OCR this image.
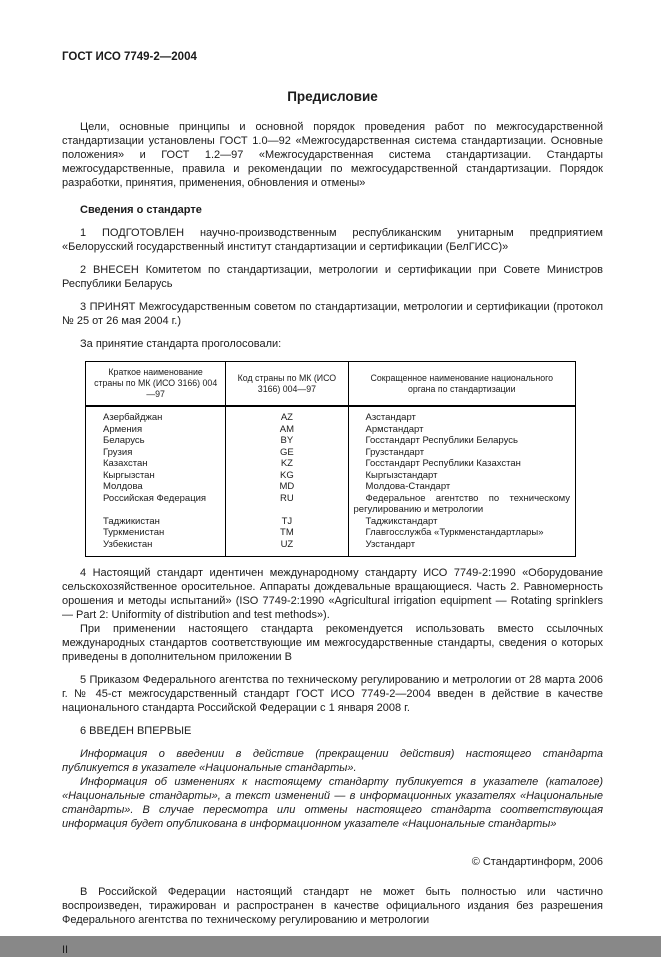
ГОСТ ИСО 7749-2—2004

Предисловие

Цели, основные принципы и основной порядок проведения работ по межгосударственной стандартизации установлены ГОСТ 1.0—92 «Межгосударственная система стандартизации. Основные положения» и ГОСТ 1.2—97 «Межгосударственная система стандартизации. Стандарты межгосударственные, правила и рекомендации по межгосударственной стандартизации. Порядок разработки, принятия, применения, обновления и отмены»

Сведения о стандарте

1 ПОДГОТОВЛЕН научно-производственным республиканским унитарным предприятием «Белорусский государственный институт стандартизации и сертификации (БелГИСС)»

2 ВНЕСЕН Комитетом по стандартизации, метрологии и сертификации при Совете Министров Республики Беларусь

3 ПРИНЯТ Межгосударственным советом по стандартизации, метрологии и сертификации (протокол № 25 от 26 мая 2004 г.)

За принятие стандарта проголосовали:

Краткое наименование страны по МК (ИСО 3166) 004—97	Код страны по МК (ИСО 3166) 004—97	Сокращенное наименование национального органа по стандартизации
Азербайджан	AZ	Азстандарт
Армения	AM	Армстандарт
Беларусь	BY	Госстандарт Республики Беларусь
Грузия	GE	Грузстандарт
Казахстан	KZ	Госстандарт Республики Казахстан
Кыргызстан	KG	Кыргызстандарт
Молдова	MD	Молдова-Стандарт
Российская Федерация	RU	Федеральное агентство по техническому регулированию и метрологии
Таджикистан	TJ	Таджикстандарт
Туркменистан	TM	Главгосслужба «Туркменстандартлары»
Узбекистан	UZ	Узстандарт

4 Настоящий стандарт идентичен международному стандарту ИСО 7749-2:1990 «Оборудование сельскохозяйственное оросительное. Аппараты дождевальные вращающиеся. Часть 2. Равномерность орошения и методы испытаний» (ISO 7749-2:1990 «Agricultural irrigation equipment — Rotating sprinklers — Part 2: Uniformity of distribution and test methods»).

При применении настоящего стандарта рекомендуется использовать вместо ссылочных международных стандартов соответствующие им межгосударственные стандарты, сведения о которых приведены в дополнительном приложении В

5 Приказом Федерального агентства по техническому регулированию и метрологии от 28 марта 2006 г. № 45-ст межгосударственный стандарт ГОСТ ИСО 7749-2—2004 введен в действие в качестве национального стандарта Российской Федерации с 1 января 2008 г.

6 ВВЕДЕН ВПЕРВЫЕ

Информация о введении в действие (прекращении действия) настоящего стандарта публикуется в указателе «Национальные стандарты».

Информация об изменениях к настоящему стандарту публикуется в указателе (каталоге) «Национальные стандарты», а текст изменений — в информационных указателях «Национальные стандарты». В случае пересмотра или отмены настоящего стандарта соответствующая информация будет опубликована в информационном указателе «Национальные стандарты»

© Стандартинформ, 2006

В Российской Федерации настоящий стандарт не может быть полностью или частично воспроизведен, тиражирован и распространен в качестве официального издания без разрешения Федерального агентства по техническому регулированию и метрологии

II
